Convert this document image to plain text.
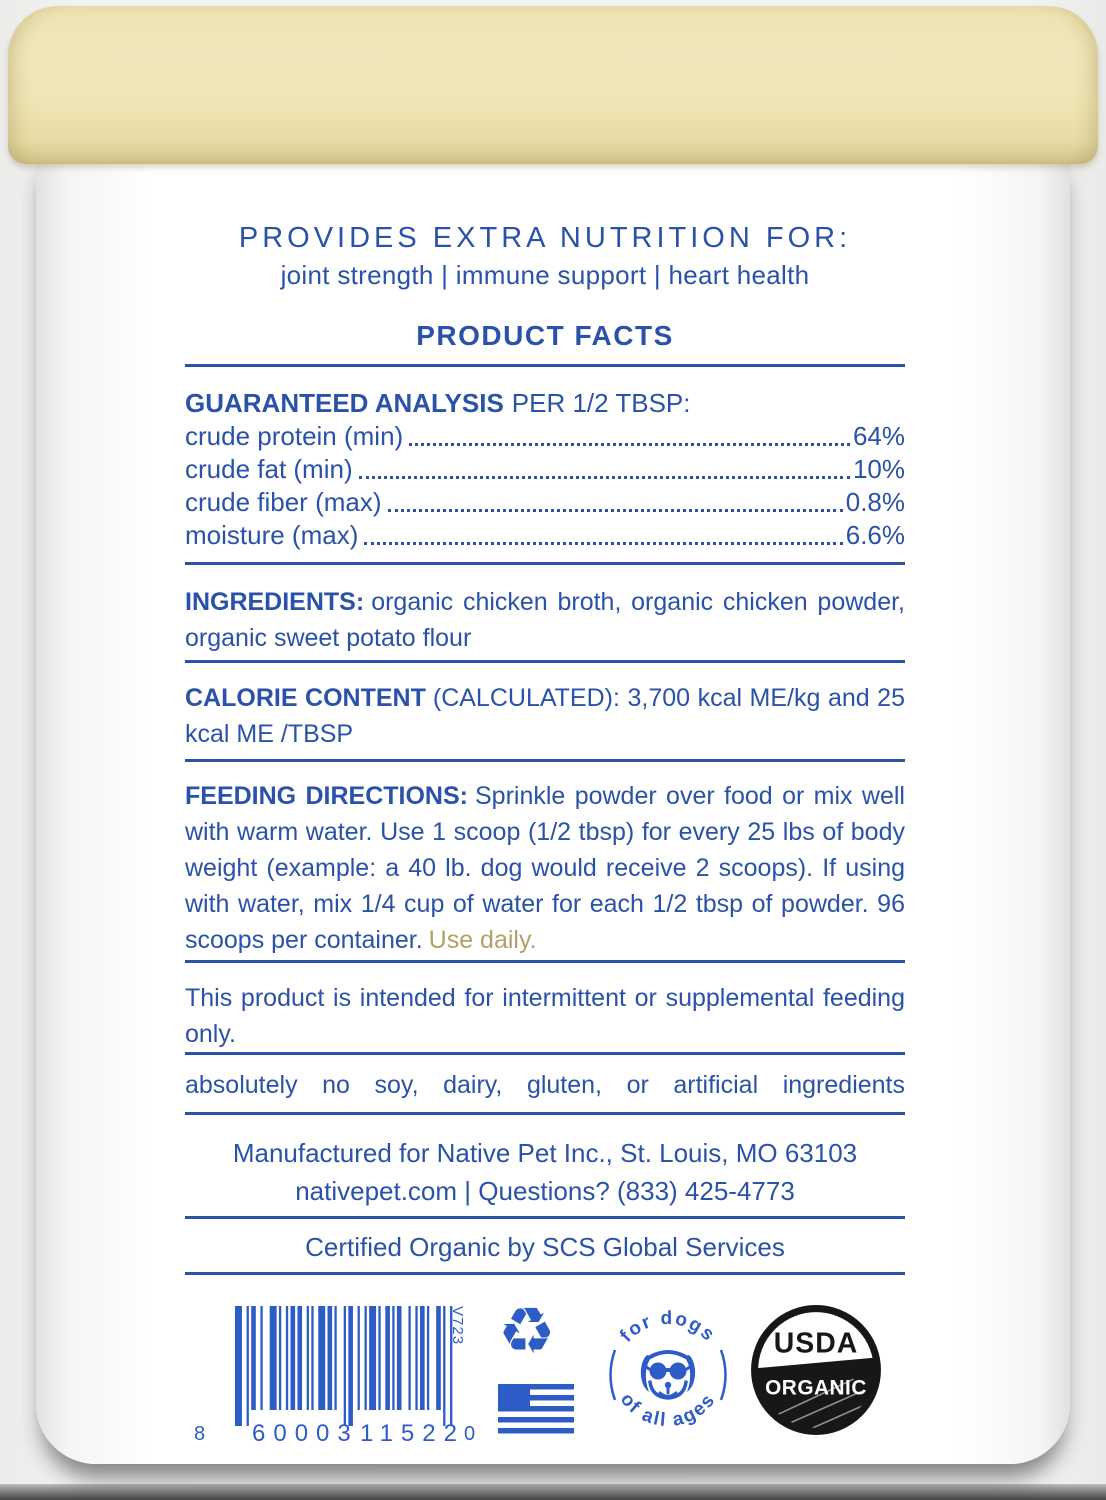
PROVIDES EXTRA NUTRITION FOR:
joint strength | immune support | heart health
PRODUCT FACTS
GUARANTEED ANALYSIS PER 1/2 TBSP:
crude protein (min)	64%
crude fat (min)	10%
crude fiber (max)	0.8%
moisture (max)	6.6%
INGREDIENTS: organic chicken broth, organic chicken powder, organic sweet potato flour
CALORIE CONTENT (CALCULATED): 3,700 kcal ME/kg and 25 kcal ME /TBSP
FEEDING DIRECTIONS: Sprinkle powder over food or mix well with warm water. Use 1 scoop (1/2 tbsp) for every 25 lbs of body weight (example: a 40 lb. dog would receive 2 scoops). If using with water, mix 1/4 cup of water for each 1/2 tbsp of powder. 96 scoops per container. Use daily.
This product is intended for intermittent or supplemental feeding only.
absolutely no soy, dairy, gluten, or artificial ingredients
Manufactured for Native Pet Inc., St. Louis, MO 63103
nativepet.com | Questions? (833) 425-4773
Certified Organic by SCS Global Services
8 60003 11522 0
V723 ♻	for dogs
of all ages
USDA
ORGANIC
